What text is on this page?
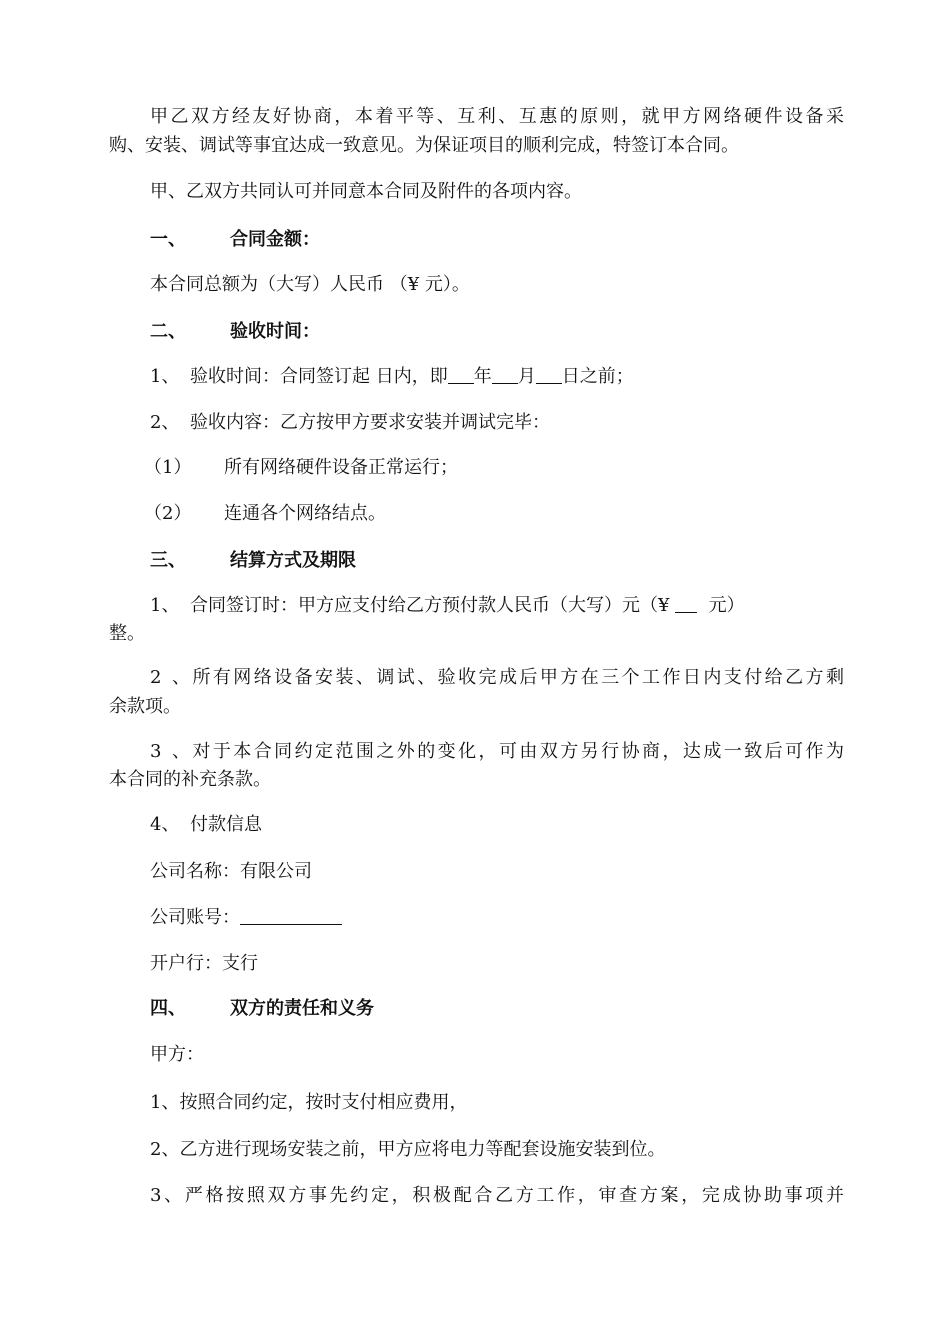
甲乙双方经友好协商，本着平等、互利、互惠的原则，就甲方网络硬件设备采
购、安装、调试等事宜达成一致意见。为保证项目的顺利完成，特签订本合同。
甲、乙双方共同认可并同意本合同及附件的各项内容。
一、 合同金额：
本合同总额为（大写）人民币 （¥ 元）。
二、 验收时间：
1、 验收时间：合同签订起 日内，即 年 月 日之前；
2、 验收内容：乙方按甲方要求安装并调试完毕：
（1） 所有网络硬件设备正常运行；
（2） 连通各个网络结点。
三、 结算方式及期限
1、 合同签订时：甲方应支付给乙方预付款人民币（大写）元（¥ 元）
整。
2、所有网络设备安装、调试、验收完成后甲方在三个工作日内支付给乙方剩
余款项。
3、对于本合同约定范围之外的变化，可由双方另行协商，达成一致后可作为
本合同的补充条款。
4、 付款信息
公司名称：有限公司
公司账号：
开户行：支行
四、 双方的责任和义务
甲方：
1、按照合同约定，按时支付相应费用，
2、乙方进行现场安装之前，甲方应将电力等配套设施安装到位。
3、严格按照双方事先约定，积极配合乙方工作，审查方案，完成协助事项并
